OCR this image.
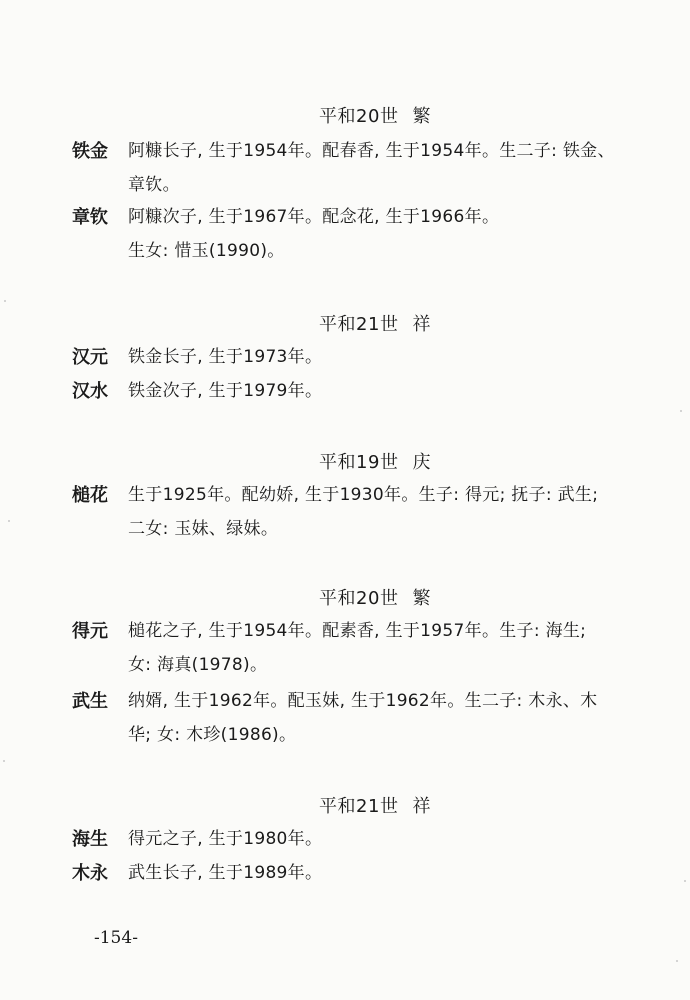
平和20世 繁
铁金	阿糠长子, 生于1954年。配春香, 生于1954年。生二子: 铁金、
章钦。
章钦	阿糠次子, 生于1967年。配念花, 生于1966年。
生女: 惜玉(1990)。
平和21世 祥
汉元	铁金长子, 生于1973年。
汉水	铁金次子, 生于1979年。
平和19世 庆
槌花	生于1925年。配幼娇, 生于1930年。生子: 得元; 抚子: 武生;
二女: 玉妹、绿妹。
平和20世 繁
得元	槌花之子, 生于1954年。配素香, 生于1957年。生子: 海生;
女: 海真(1978)。
武生	纳婿, 生于1962年。配玉妹, 生于1962年。生二子: 木永、木
华; 女: 木珍(1986)。
平和21世 祥
海生	得元之子, 生于1980年。
木永	武生长子, 生于1989年。
-154-
